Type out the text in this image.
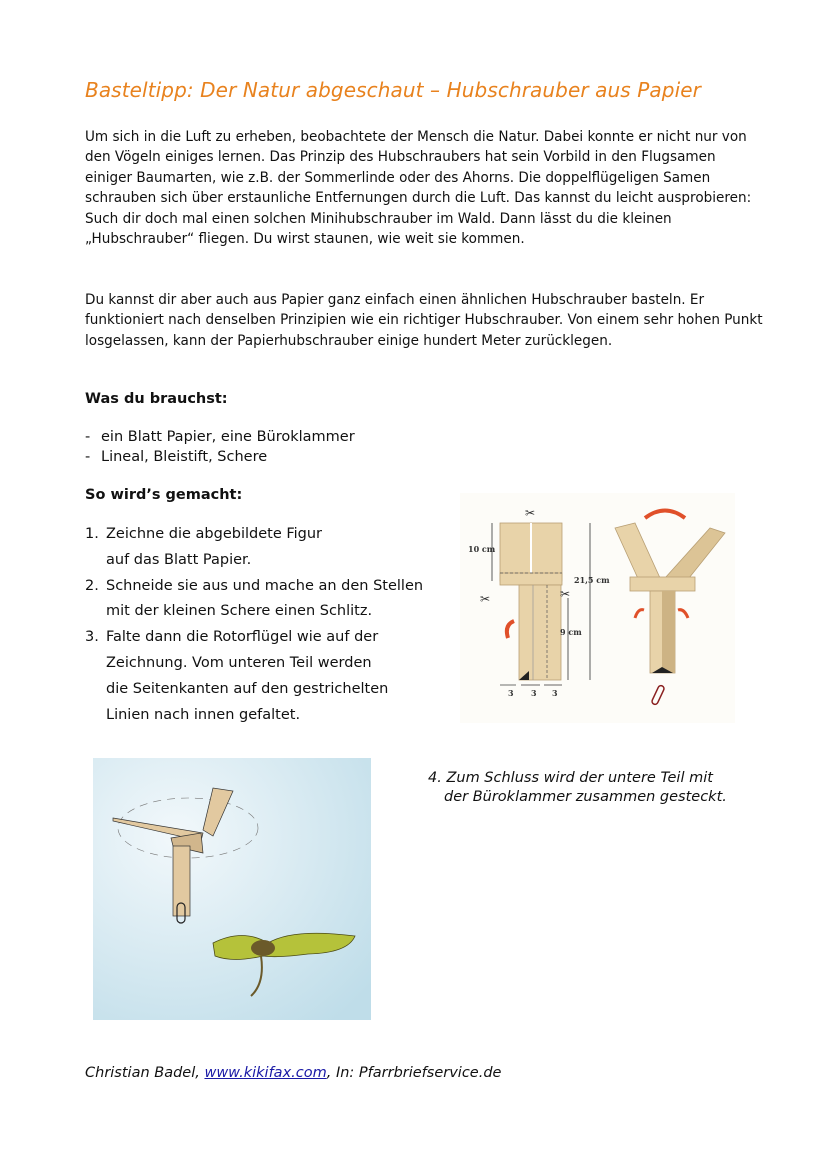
Basteltipp: Der Natur abgeschaut – Hubschrauber aus Papier
Um sich in die Luft zu erheben, beobachtete der Mensch die Natur. Dabei konnte er nicht nur von den Vögeln einiges lernen. Das Prinzip des Hubschraubers hat sein Vorbild in den Flugsamen einiger Baumarten, wie z.B. der Sommerlinde oder des Ahorns. Die doppelflügeligen Samen schrauben sich über erstaunliche Entfernungen durch die Luft. Das kannst du leicht ausprobieren: Such dir doch mal einen solchen Minihubschrauber im Wald. Dann lässt du die kleinen „Hubschrauber“ fliegen. Du wirst staunen, wie weit sie kommen.
Du kannst dir aber auch aus Papier ganz einfach einen ähnlichen Hubschrauber basteln. Er funktioniert nach denselben Prinzipien wie ein richtiger Hubschrauber. Von einem sehr hohen Punkt losgelassen, kann der Papierhubschrauber einige hundert Meter zurücklegen.
Was du brauchst:
- ein Blatt Papier, eine Büroklammer
- Lineal, Bleistift, Schere
So wird’s gemacht:
1. Zeichne die abgebildete Figur
auf das Blatt Papier.
2. Schneide sie aus und mache an den Stellen
mit der kleinen Schere einen Schlitz.
3. Falte dann die Rotorflügel wie auf der
Zeichnung. Vom unteren Teil werden
die Seitenkanten auf den gestrichelten
Linien nach innen gefaltet.
10 cm
21,5 cm
9 cm
3 3 3
✂
✂	✂
4. Zum Schluss wird der untere Teil mit
der Büroklammer zusammen gesteckt.
Christian Badel, www.kikifax.com, In: Pfarrbriefservice.de
